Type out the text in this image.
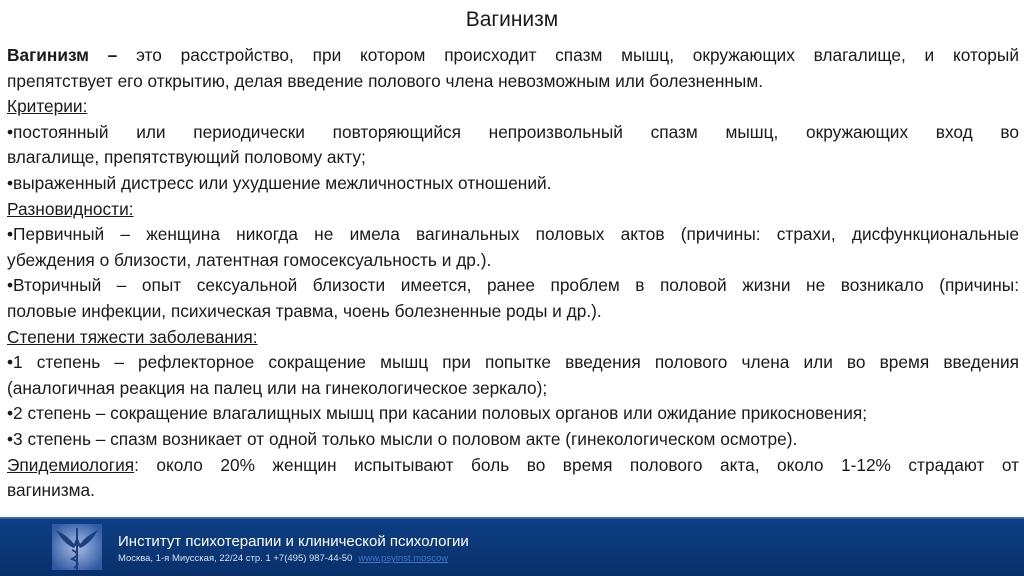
Вагинизм
Вагинизм – это расстройство, при котором происходит спазм мышц, окружающих влагалище, и который
препятствует его открытию, делая введение полового члена невозможным или болезненным.
Критерии:
•постоянный или периодически повторяющийся непроизвольный спазм мышц, окружающих вход во
влагалище, препятствующий половому акту;
•выраженный дистресс или ухудшение межличностных отношений.
Разновидности:
•Первичный – женщина никогда не имела вагинальных половых актов (причины: страхи, дисфункциональные
убеждения о близости, латентная гомосексуальность и др.).
•Вторичный – опыт сексуальной близости имеется, ранее проблем в половой жизни не возникало (причины:
половые инфекции, психическая травма, чоень болезненные роды и др.).
Степени тяжести заболевания:
•1 степень – рефлекторное сокращение мышц при попытке введения полового члена или во время введения
(аналогичная реакция на палец или на гинекологическое зеркало);
•2 степень – сокращение влагалищных мышц при касании половых органов или ожидание прикосновения;
•3 степень – спазм возникает от одной только мысли о половом акте (гинекологическом осмотре).
Эпидемиология: около 20% женщин испытывают боль во время полового акта, около 1-12% страдают от
вагинизма.
Институт психотерапии и клинической психологии
Москва, 1-я Миусская, 22/24 стр. 1 +7(495) 987-44-50 www.psyinst.moscow
